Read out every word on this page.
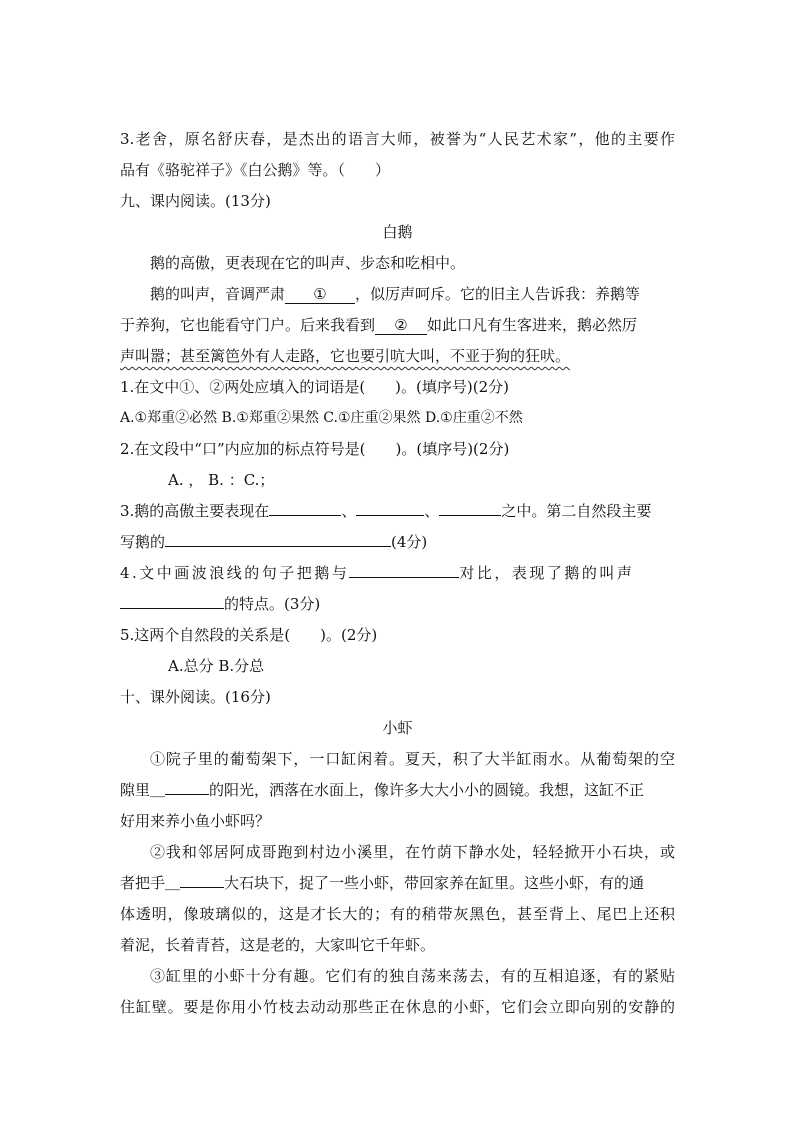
3.老舍，原名舒庆春，是杰出的语言大师，被誉为“人民艺术家”，他的主要作
品有《骆驼祥子》《白公鹅》等。（　　）
九、课内阅读。(13分)
白鹅
鹅的高傲，更表现在它的叫声、步态和吃相中。
鹅的叫声，音调严肃 ① ，似厉声呵斥。它的旧主人告诉我：养鹅等
于养狗，它也能看守门户。后来我看到 ② 如此口凡有生客进来，鹅必然厉
声叫嚣；甚至篱笆外有人走路，它也要引吭大叫，不亚于狗的狂吠。
1.在文中①、②两处应填入的词语是(　　)。(填序号)(2分)
A.①郑重②必然 B.①郑重②果然 C.①庄重②果然 D.①庄重②不然
2.在文段中“口”内应加的标点符号是(　　)。(填序号)(2分)
A. ， B. ：C.；
3.鹅的高傲主要表现在	、	、	之中。第二自然段主要
写鹅的	(4分)
4.文中画波浪线的句子把鹅与	对比，表现了鹅的叫声
的特点。(3分)
5.这两个自然段的关系是(　　)。(2分)
A.总分 B.分总
十、课外阅读。(16分)
小虾
①院子里的葡萄架下，一口缸闲着。夏天，积了大半缸雨水。从葡萄架的空
隙里＿	的阳光，洒落在水面上，像许多大大小小的圆镜。我想，这缸不正
好用来养小鱼小虾吗？
②我和邻居阿成哥跑到村边小溪里，在竹荫下静水处，轻轻掀开小石块，或
者把手＿	大石块下，捉了一些小虾，带回家养在缸里。这些小虾，有的通
体透明，像玻璃似的，这是才长大的；有的稍带灰黑色，甚至背上、尾巴上还积
着泥，长着青苔，这是老的，大家叫它千年虾。
③缸里的小虾十分有趣。它们有的独自荡来荡去，有的互相追逐，有的紧贴
住缸壁。要是你用小竹枝去动动那些正在休息的小虾，它们会立即向别的安静的
